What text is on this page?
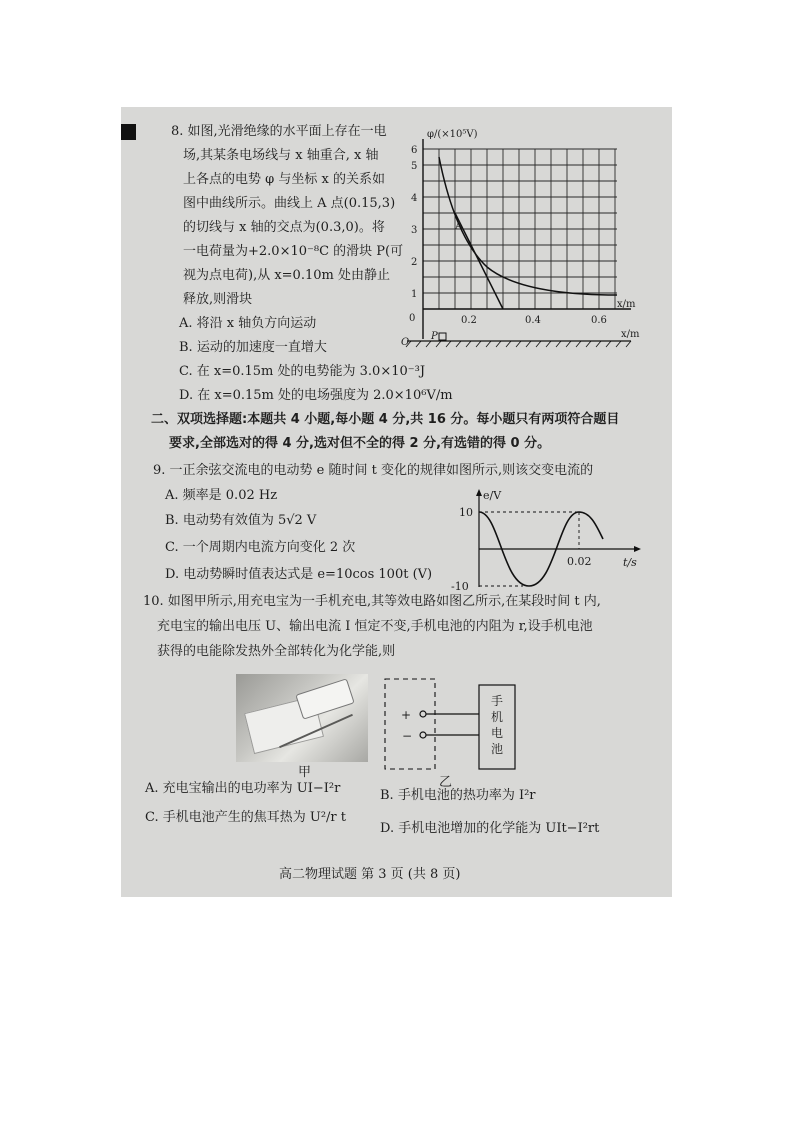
8. 如图,光滑绝缘的水平面上存在一电
场,其某条电场线与 x 轴重合, x 轴
上各点的电势 φ 与坐标 x 的关系如
图中曲线所示。曲线上 A 点(0.15,3)
的切线与 x 轴的交点为(0.3,0)。将
一电荷量为+2.0×10⁻⁸C 的滑块 P(可
视为点电荷),从 x=0.10m 处由静止
释放,则滑块
A. 将沿 x 轴负方向运动
B. 运动的加速度一直增大
C. 在 x=0.15m 处的电势能为 3.0×10⁻³J
D. 在 x=0.15m 处的电场强度为 2.0×10⁶V/m
A
φ/(×10⁵V)
1
2
3
4
5
6
0	0.2	0.4	0.6
x/m
P
O
x/m
二、双项选择题:本题共 4 小题,每小题 4 分,共 16 分。每小题只有两项符合题目
要求,全部选对的得 4 分,选对但不全的得 2 分,有选错的得 0 分。
9. 一正余弦交流电的电动势 e 随时间 t 变化的规律如图所示,则该交变电流的
A. 频率是 0.02 Hz
B. 电动势有效值为 5√2 V
C. 一个周期内电流方向变化 2 次
D. 电动势瞬时值表达式是 e=10cos 100t (V)
e/V
10
-10
0.02	t/s
10. 如图甲所示,用充电宝为一手机充电,其等效电路如图乙所示,在某段时间 t 内,
充电宝的输出电压 U、输出电流 I 恒定不变,手机电池的内阻为 r,设手机电池
获得的电能除发热外全部转化为化学能,则
甲
+
−
手
机
电
池
乙
A. 充电宝输出的电功率为 UI−I²r	B. 手机电池的热功率为 I²r
C. 手机电池产生的焦耳热为 U²/r t
D. 手机电池增加的化学能为 UIt−I²rt
高二物理试题 第 3 页 (共 8 页)
